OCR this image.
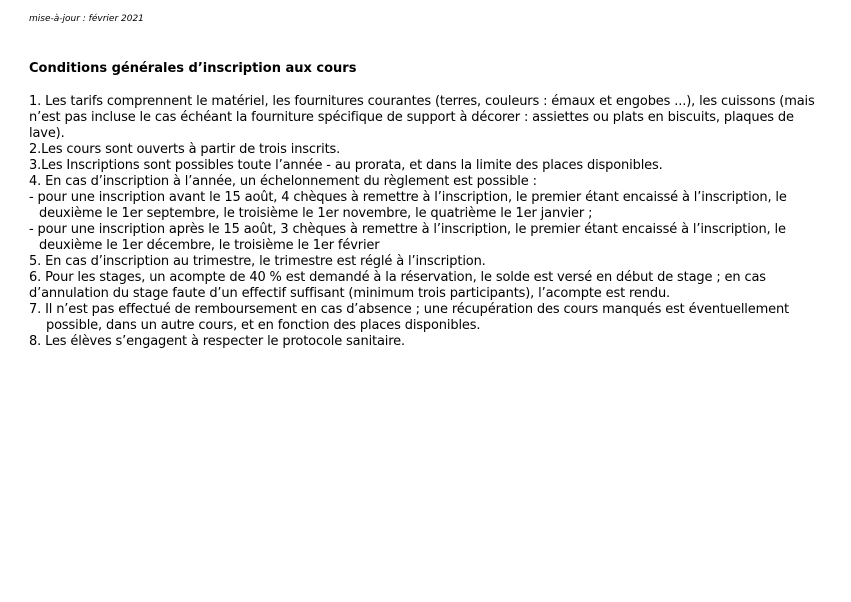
mise-à-jour : février 2021
Conditions générales d’inscription aux cours
1. Les tarifs comprennent le matériel, les fournitures courantes (terres, couleurs : émaux et engobes ...), les cuissons (mais
n’est pas incluse le cas échéant la fourniture spécifique de support à décorer : assiettes ou plats en biscuits, plaques de
lave).
2.Les cours sont ouverts à partir de trois inscrits.
3.Les Inscriptions sont possibles toute l’année - au prorata, et dans la limite des places disponibles.
4. En cas d’inscription à l’année, un échelonnement du règlement est possible :
- pour une inscription avant le 15 août, 4 chèques à remettre à l’inscription, le premier étant encaissé à l’inscription, le
deuxième le 1er septembre, le troisième le 1er novembre, le quatrième le 1er janvier ;
- pour une inscription après le 15 août, 3 chèques à remettre à l’inscription, le premier étant encaissé à l’inscription, le
deuxième le 1er décembre, le troisième le 1er février
5. En cas d’inscription au trimestre, le trimestre est réglé à l’inscription.
6. Pour les stages, un acompte de 40 % est demandé à la réservation, le solde est versé en début de stage ; en cas
d’annulation du stage faute d’un effectif suffisant (minimum trois participants), l’acompte est rendu.
7. Il n’est pas effectué de remboursement en cas d’absence ; une récupération des cours manqués est éventuellement
possible, dans un autre cours, et en fonction des places disponibles.
8. Les élèves s’engagent à respecter le protocole sanitaire.
